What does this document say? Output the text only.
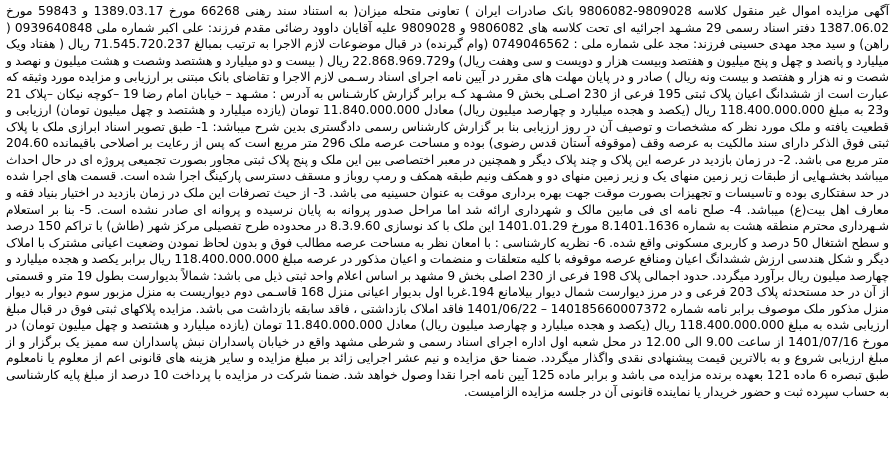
آگهی مزایده اموال غیر منقول کلاسه 9809028-9806082 بانک صادرات ایران ) تعاونی متحله میزان( به استناد سند رهنی 66268 مورخ 1389.03.17 و 59843 مورخ 1387.06.02 دفتر اسناد رسمی 29 مشـهد اجرائیه ای تحت کلاسه های 9806082 و 9809028 علیه آقایان داوود رضائی مقدم فرزند: علی اکبر شماره ملی 0939640848 ( راهن) و سید مجد مهدی حسینی فرزند: مجد علی شماره ملی : 0749046562 (وام گیرنده) در قبال موضوعات لازم الاجرا به ترتیب بمبالغ 71.545.720.237 ریال ( هفتاد ویک میلیارد و پانصد و چهل و پنج میلیون و هفتصد وبیست هزار و دویست و سی وهفت ریال) و22.868.969.729 ریال ( بیست و دو میلیارد و هشتصد وشصت و هشت میلیون و نهصد و شصت و نه هزار و هفتصد و بیست ونه ریال ) صادر و در پایان مهلت های مقرر در آیین نامه اجرای اسناد رسـمی لازم الاجرا و تقاضای بانک مبتنی بر ارزیابی و مزایده مورد وثیقه که عبارت است از ششدانگ اعیان پلاک ثبتی 195 فرعی از 230 اصـلی بخش 9 مشـهد کـه برابر گزارش کارشـناس به آدرس : مشـهد – خیابان امام رضا 19 –کوچه نیکان –پلاک 21 و23 به مبلغ 118.400.000.000 ریال (یکصد و هجده میلیارد و چهارصد میلیون ریال) معادل 11.840.000.000 تومان (یازده میلیارد و هشتصد و چهل میلیون تومان) ارزیابی و قطعیت یافته و ملک مورد نظر که مشخصات و توصیف آن در روز ارزیابی بنا بر گزارش کارشناس رسمی دادگستری بدین شرح میباشد: 1- طبق تصویر اسناد ابرازی ملک با پلاک ثبتی فوق الذکر دارای سند مالکیت به عرصه وقف (موقوفه آستان قدس رضوی) بوده و مساحت عرصه ملک 296 متر مربع است که پس از رعایت بر اصلاحی باقیمانده 204.60 متر مربع می باشد. 2- در زمان بازدید در عرصه این پلاک و چند پلاک دیگر و همچنین در معبر اختصاصی بین این ملک و پنج پلاک ثبتی مجاور بصورت تجمیعی پروژه ای در حال احداث میباشد بخشـهایی از طبقات زیر زمین منهای یک و زیر زمین منهای دو و همکف ونیم طبقه همکف و رمپ روباز و مسقف دسترسی پارکینگ اجرا شده است. قسمت های اجرا شده در حد سفتکاری بوده و تاسیسات و تجهیزات بصورت موقت جهت بهره برداری موقت به عنوان حسینیه می باشد. 3- از حیث تصرفات این ملک در زمان بازدید در اختیار بنیاد فقه و معارف اهل بیت(ع) میباشد. 4- صلح نامه ای فی مابین مالک و شهرداری ارائه شد اما مراحل صدور پروانه به پایان نرسیده و پروانه ای صادر نشده است. 5- بنا بر استعلام شـهرداری محترم منطقه هشت به شماره 8.1401.1636 مورخ 1401.01.29 این ملک با کد نوسازی 8.3.9.60 در محدوده طرح تفصیلی مرکز شهر (طاش) با تراکم 150 درصد و سطح اشتغال 50 درصد و کاربری مسکونی واقع شده. 6- نظریه کارشناسی : با امعان نظر به مساحت عرصه مطالب فوق و بدون لحاظ نمودن وضعیت اعیانی مشترک با املاک دیگر و شکل هندسی ارزش ششدانگ اعیان ومنافع عرصه موقوفه با کلیه متعلقات و منضمات و اعیان مذکور در عرصه مبلغ 118.400.000.000 ریال برابر یکصد و هجده میلیارد و چهارصد میلیون ریال برآورد میگردد. حدود اجمالی پلاک 198 فرعی از 230 اصلی بخش 9 مشهد بر اساس اعلام واحد ثبتی ذیل می باشد: شمالاً بدیوارست بطول 19 متر و قسمتی از آن در حد مستحدثه پلاک 203 فرعی و در مرز دیوارست شمال دیوار بیلامانع 194.غربا اول بدیوار اعیانی منزل 168 قاسـمی دوم دیواریست به منزل مزبور سوم دیوار به دیوار منزل مذکور ملک موصوف برابر نامه شماره 140185660007372 – 1401/06/22 فاقد املاک بازداشتی ، فاقد سابقه بازداشت می باشد. مزایده پلاکهای ثبتی فوق در قبال مبلغ ارزیابی شده به مبلغ 118.400.000.000 ریال (یکصد و هجده میلیارد و چهارصد میلیون ریال) معادل 11.840.000.000 تومان (یازده میلیارد و هشتصد و چهل میلیون تومان) در مورخ 1401/07/16 از ساعت 9.00 الی 12.00 در محل شعبه اول اداره اجرای اسناد رسمی و شرطی مشهد واقع در خیابان پاسداران نبش پاسداران سه ممیز یک برگزار و از مبلغ ارزیابی شروع و به بالاترین قیمت پیشنهادی نقدی واگذار میگردد. ضمنا حق مزایده و نیم عشر اجرایی زائد بر مبلغ مزایده و سایر هزینه های قانونی اعم از معلوم یا نامعلوم طبق تبصره 6 ماده 121 بعهده برنده مزایده می باشد و برابر ماده 125 آیین نامه اجرا نقدا وصول خواهد شد. ضمنا شرکت در مزایده با پرداخت 10 درصد از مبلغ پایه کارشناسی به حساب سپرده ثبت و حضور خریدار یا نماینده قانونی آن در جلسه مزایده الزامیست.
